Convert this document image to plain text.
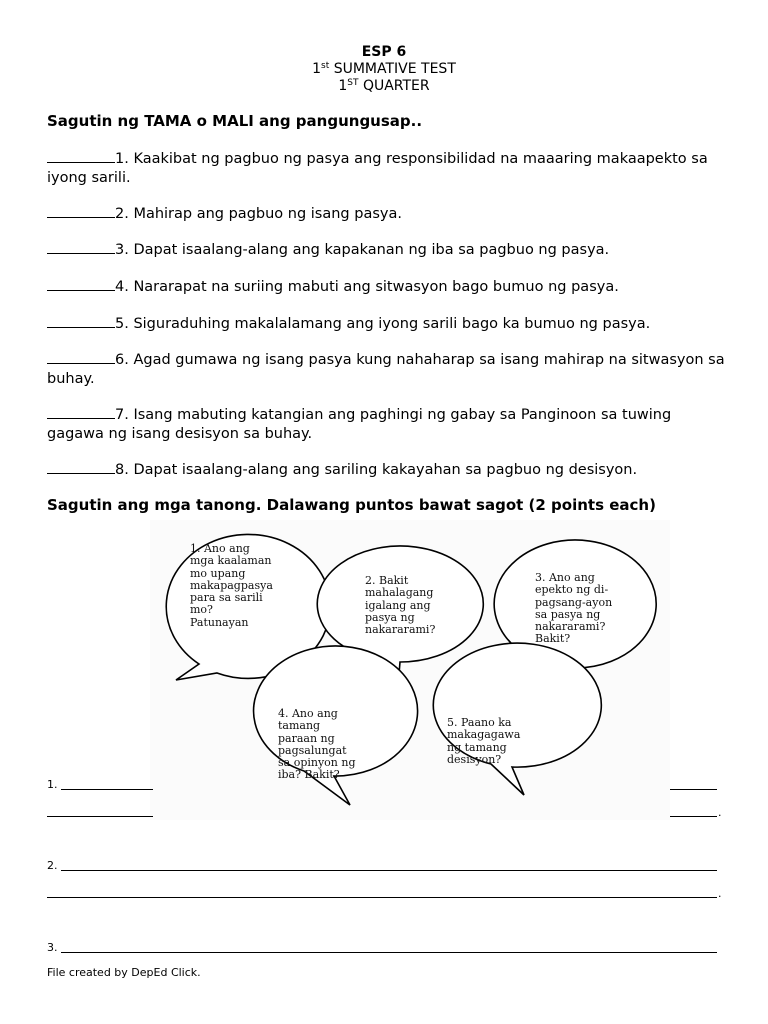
ESP 6
1st SUMMATIVE TEST
1ST QUARTER
Sagutin ng TAMA o MALI ang pangungusap..
1. Kaakibat ng pagbuo ng pasya ang responsibilidad na maaaring makaapekto sa iyong sarili.
2. Mahirap ang pagbuo ng isang pasya.
3. Dapat isaalang-alang ang kapakanan ng iba sa pagbuo ng pasya.
4. Nararapat na suriing mabuti ang sitwasyon bago bumuo ng pasya.
5. Siguraduhing makalalamang ang iyong sarili bago ka bumuo ng pasya.
6. Agad gumawa ng isang pasya kung nahaharap sa isang mahirap na sitwasyon sa buhay.
7. Isang mabuting katangian ang paghingi ng gabay sa Panginoon sa tuwing gagawa ng isang desisyon sa buhay.
8. Dapat isaalang-alang ang sariling kakayahan sa pagbuo ng desisyon.
Sagutin ang mga tanong. Dalawang puntos bawat sagot (2 points each)
1. Ano ang
mga kaalaman
mo upang
makapagpasya
para sa sarili
mo?
Patunayan
2. Bakit
mahalagang
igalang ang
pasya ng
nakararami?
3. Ano ang
epekto ng di-
pagsang-ayon
sa pasya ng
nakararami?
Bakit?
4. Ano ang
tamang
paraan ng
pagsalungat
sa opinyon ng
iba? Bakit?
5. Paano ka
makagagawa
ng tamang
desisyon?
1.
.
2.
.
3.
File created by DepEd Click.
